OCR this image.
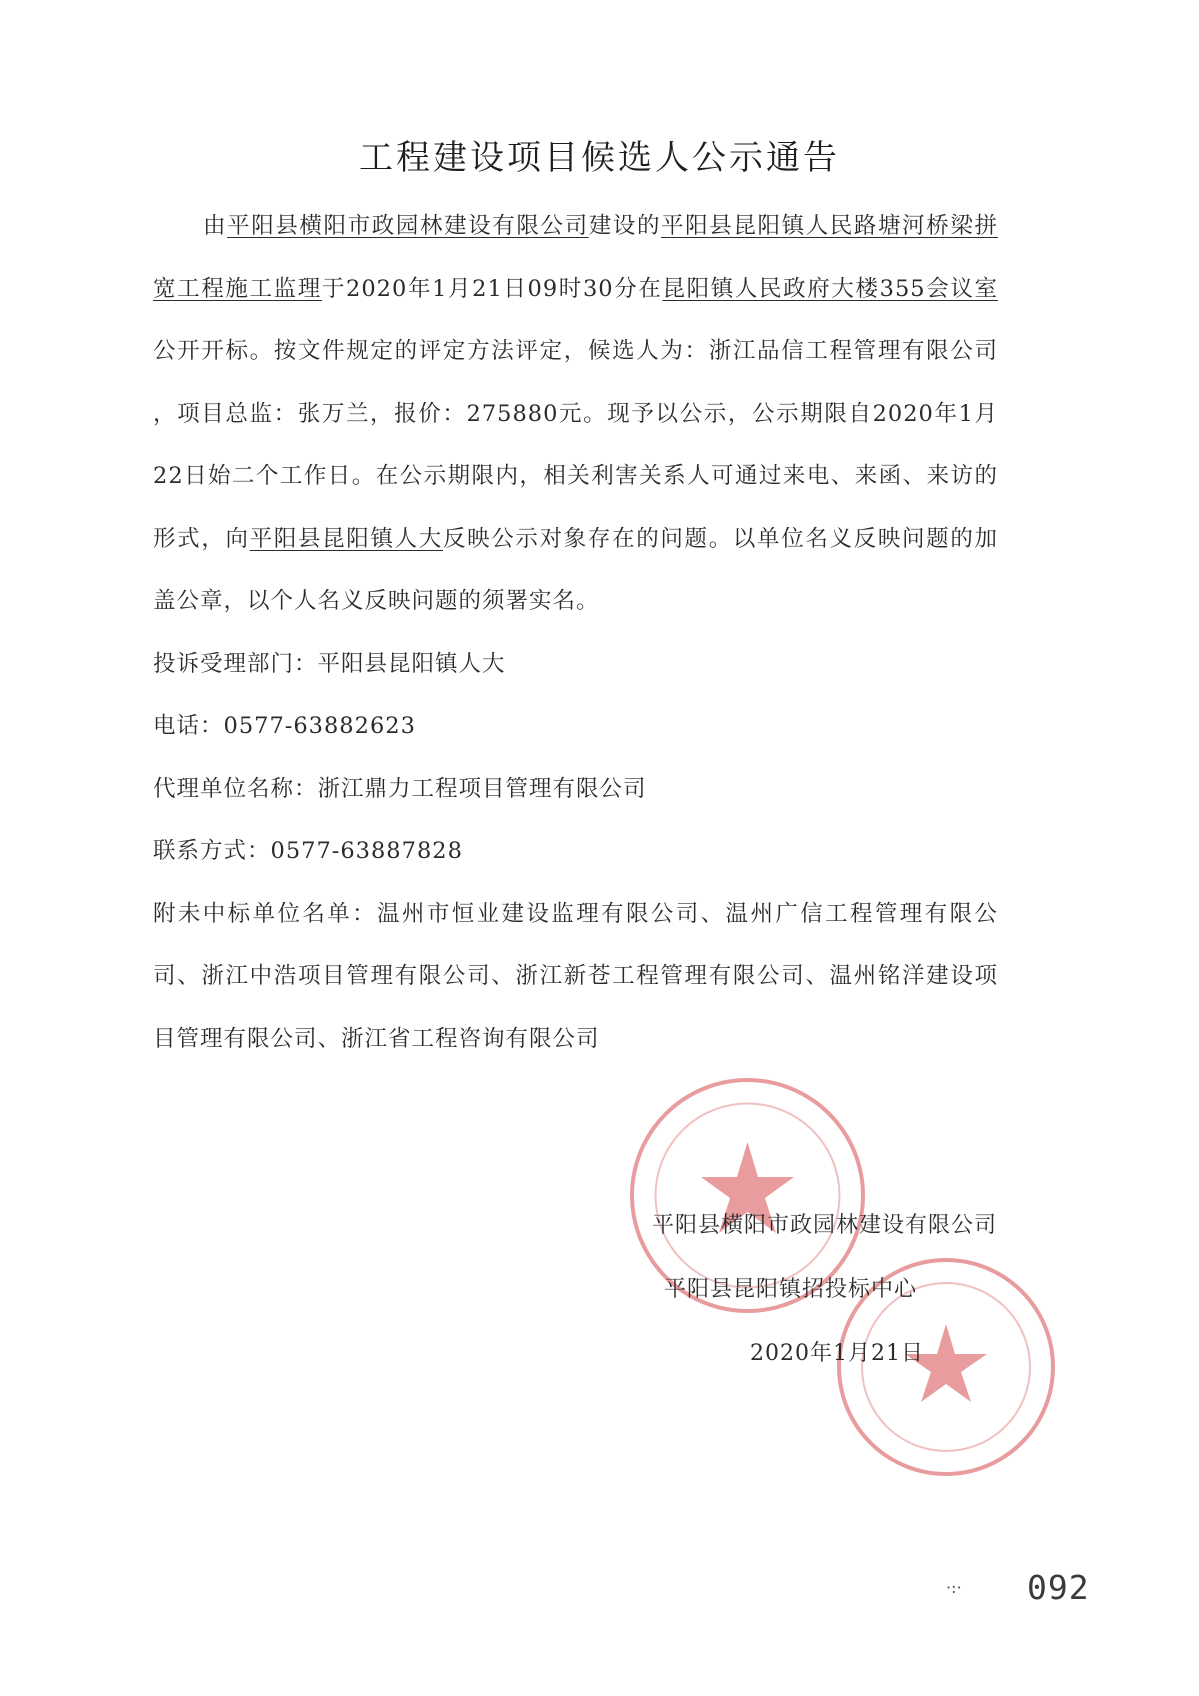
工程建设项目候选人公示通告

由平阳县横阳市政园林建设有限公司建设的平阳县昆阳镇人民路塘河桥梁拼宽工程施工监理于2020年1月21日09时30分在昆阳镇人民政府大楼355会议室公开开标。按文件规定的评定方法评定，候选人为：浙江品信工程管理有限公司 ，项目总监：张万兰，报价：275880元。现予以公示，公示期限自2020年1月22日始二个工作日。在公示期限内，相关利害关系人可通过来电、来函、来访的形式，向平阳县昆阳镇人大反映公示对象存在的问题。以单位名义反映问题的加盖公章，以个人名义反映问题的须署实名。

投诉受理部门：平阳县昆阳镇人大

电话：0577-63882623

代理单位名称：浙江鼎力工程项目管理有限公司

联系方式：0577-63887828

附未中标单位名单：温州市恒业建设监理有限公司、温州广信工程管理有限公司、浙江中浩项目管理有限公司、浙江新苍工程管理有限公司、温州铭洋建设项目管理有限公司、浙江省工程咨询有限公司

平阳县横阳市政园林建设有限公司
平阳县昆阳镇招投标中心
2020年1月21日
·:· 092
